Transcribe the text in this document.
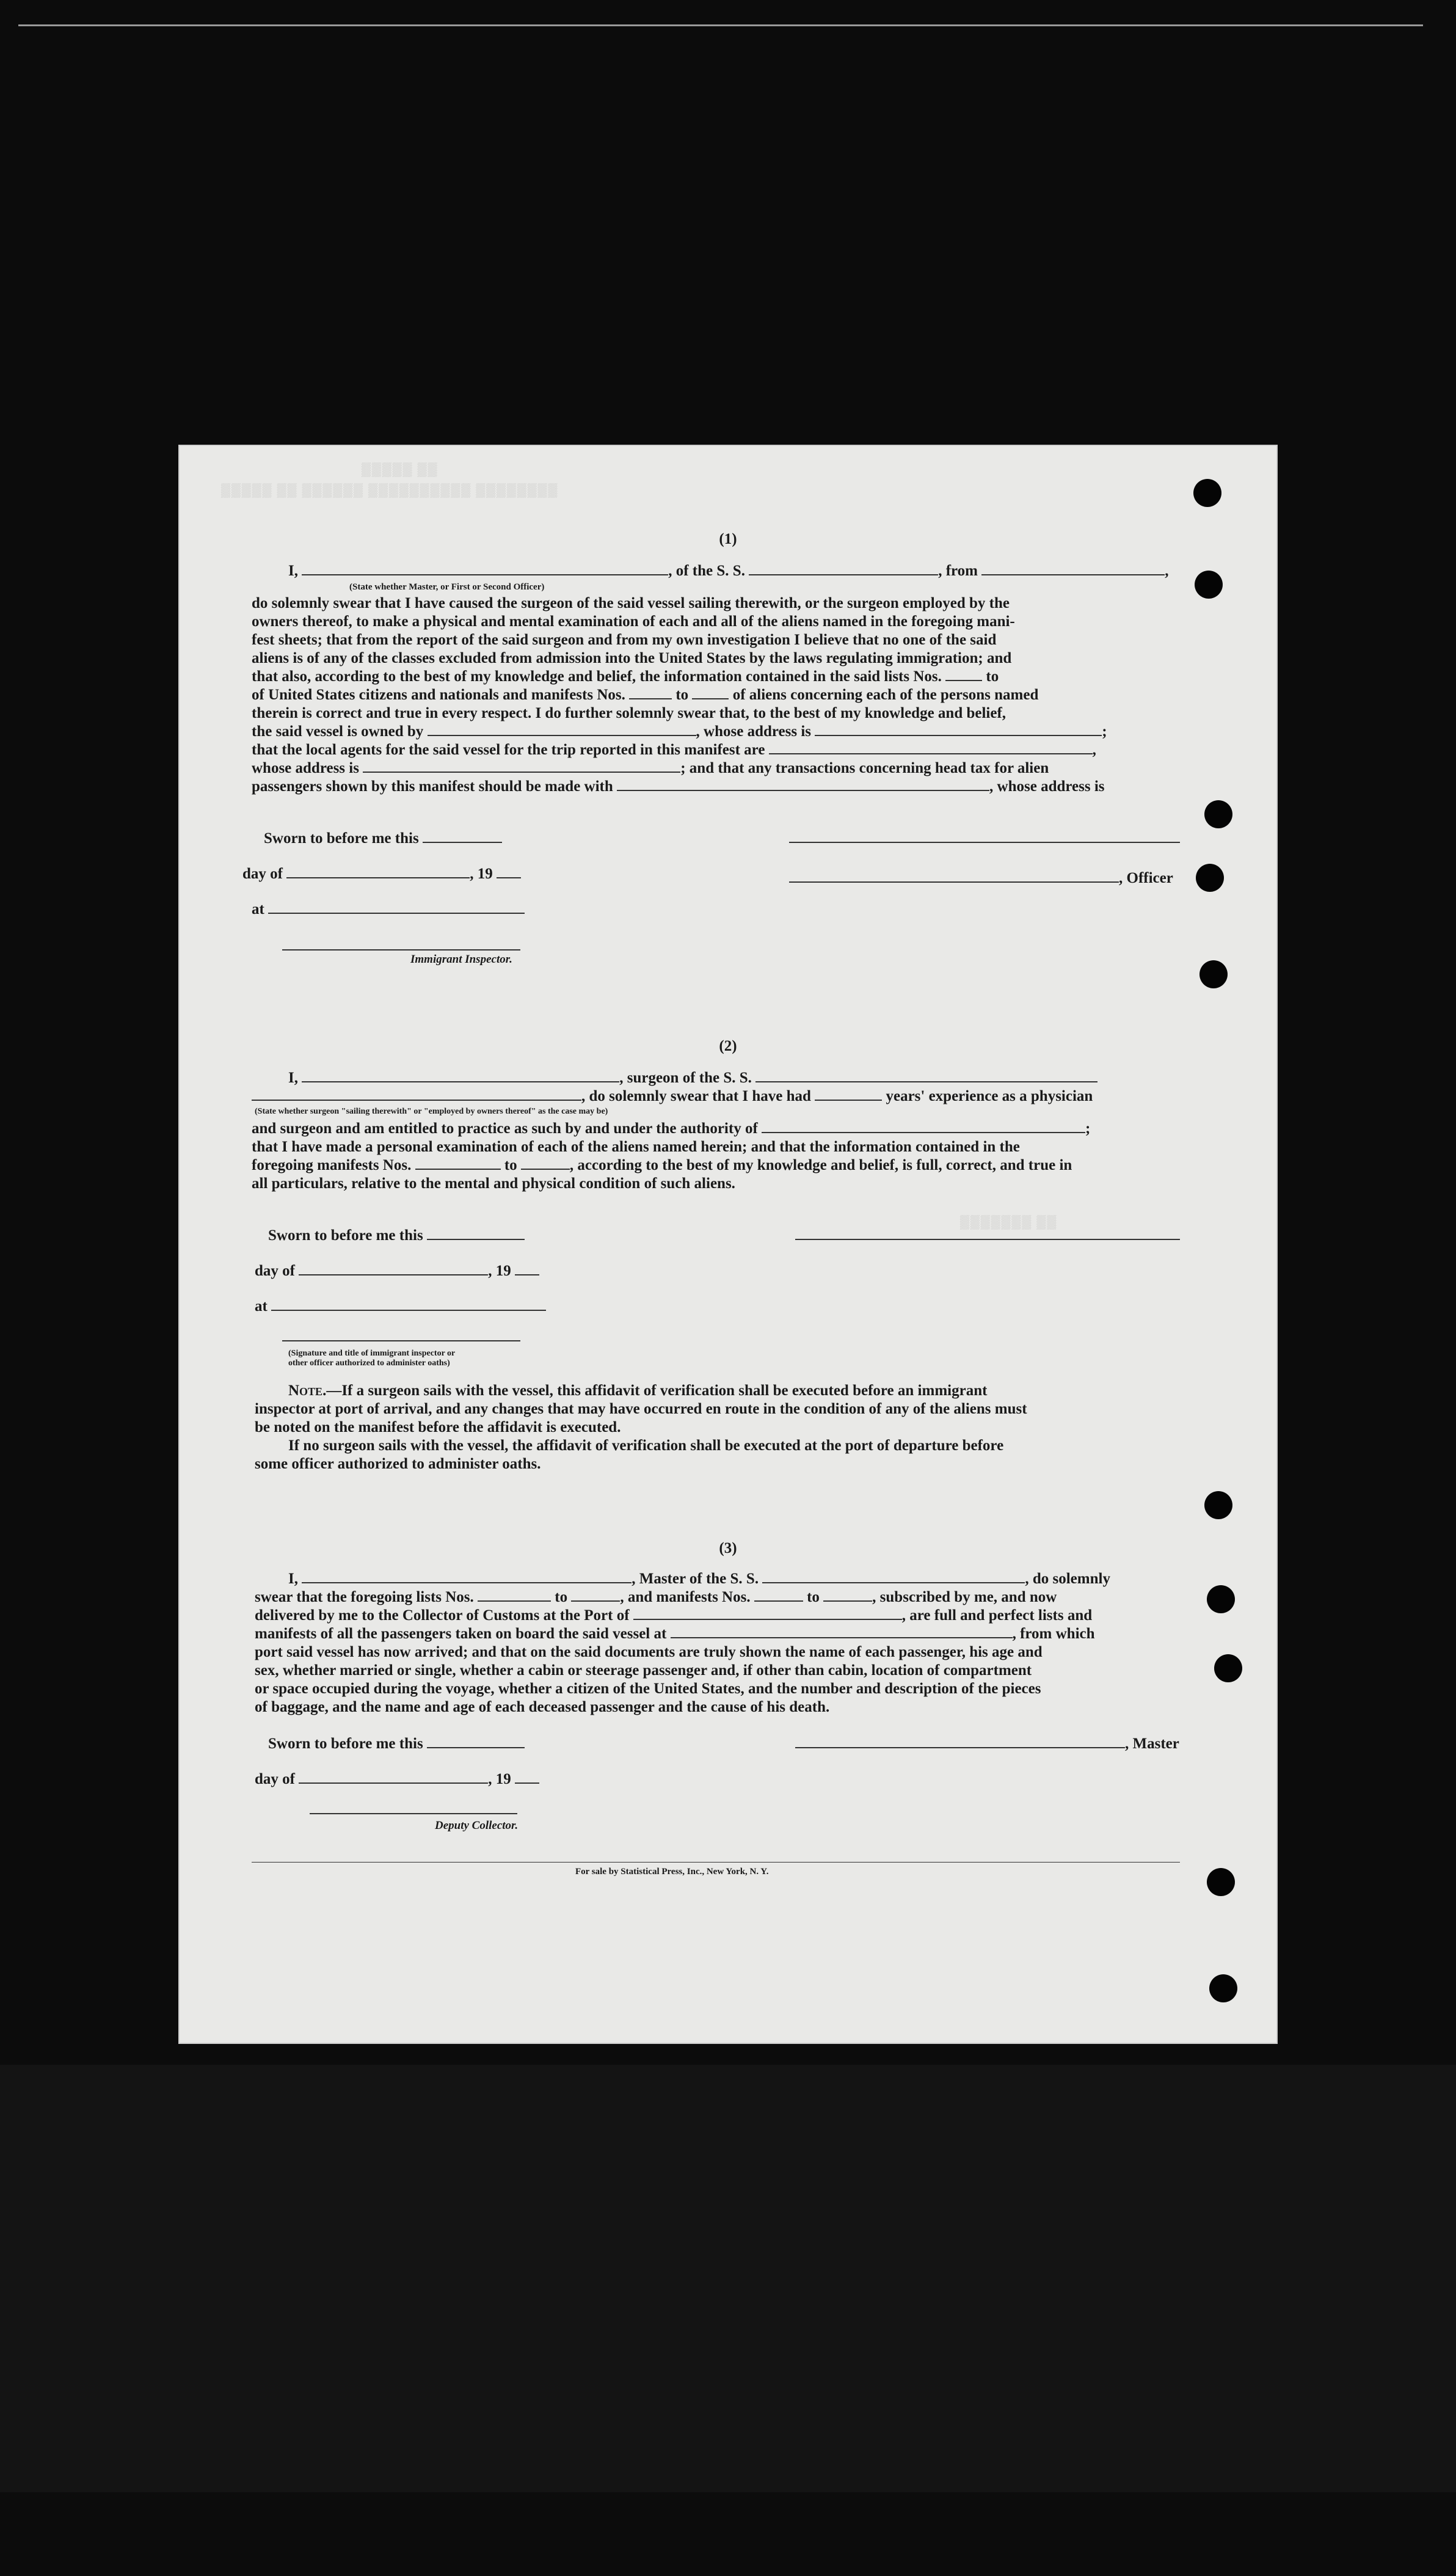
▒▒▒▒▒ ▒▒ ▒▒▒▒▒▒ ▒▒▒▒▒▒▒▒▒▒ ▒▒▒▒▒▒▒▒
▒▒▒▒▒ ▒▒
▒▒▒▒▒▒▒ ▒▒
(1)
I,	, of the S. S.	, from	,
(State whether Master, or First or Second Officer)
do solemnly swear that I have caused the surgeon of the said vessel sailing therewith, or the surgeon employed by the
owners thereof, to make a physical and mental examination of each and all of the aliens named in the foregoing mani-
fest sheets; that from the report of the said surgeon and from my own investigation I believe that no one of the said
aliens is of any of the classes excluded from admission into the United States by the laws regulating immigration; and
that also, according to the best of my knowledge and belief, the information contained in the said lists Nos.	to
of United States citizens and nationals and manifests Nos.	to	of aliens concerning each of the persons named
therein is correct and true in every respect. I do further solemnly swear that, to the best of my knowledge and belief,
the said vessel is owned by	, whose address is	;
that the local agents for the said vessel for the trip reported in this manifest are	,
whose address is	; and that any transactions concerning head tax for alien
passengers shown by this manifest should be made with	, whose address is
Sworn to before me this
day of	, 19	, Officer
at
Immigrant Inspector.
(2)
I,	, surgeon of the S. S.
, do solemnly swear that I have had	years' experience as a physician
(State whether surgeon "sailing therewith" or "employed by owners thereof" as the case may be)
and surgeon and am entitled to practice as such by and under the authority of	;
that I have made a personal examination of each of the aliens named herein; and that the information contained in the
foregoing manifests Nos.	to	, according to the best of my knowledge and belief, is full, correct, and true in
all particulars, relative to the mental and physical condition of such aliens.
Sworn to before me this
day of	, 19
at
(Signature and title of immigrant inspector or
other officer authorized to administer oaths)
Note.—If a surgeon sails with the vessel, this affidavit of verification shall be executed before an immigrant
inspector at port of arrival, and any changes that may have occurred en route in the condition of any of the aliens must
be noted on the manifest before the affidavit is executed.
If no surgeon sails with the vessel, the affidavit of verification shall be executed at the port of departure before
some officer authorized to administer oaths.
(3)
I,	, Master of the S. S.	, do solemnly
swear that the foregoing lists Nos.	to	, and manifests Nos.	to	, subscribed by me, and now
delivered by me to the Collector of Customs at the Port of	, are full and perfect lists and
manifests of all the passengers taken on board the said vessel at	, from which
port said vessel has now arrived; and that on the said documents are truly shown the name of each passenger, his age and
sex, whether married or single, whether a cabin or steerage passenger and, if other than cabin, location of compartment
or space occupied during the voyage, whether a citizen of the United States, and the number and description of the pieces
of baggage, and the name and age of each deceased passenger and the cause of his death.
Sworn to before me this	, Master
day of	, 19
Deputy Collector.
For sale by Statistical Press, Inc., New York, N. Y.
